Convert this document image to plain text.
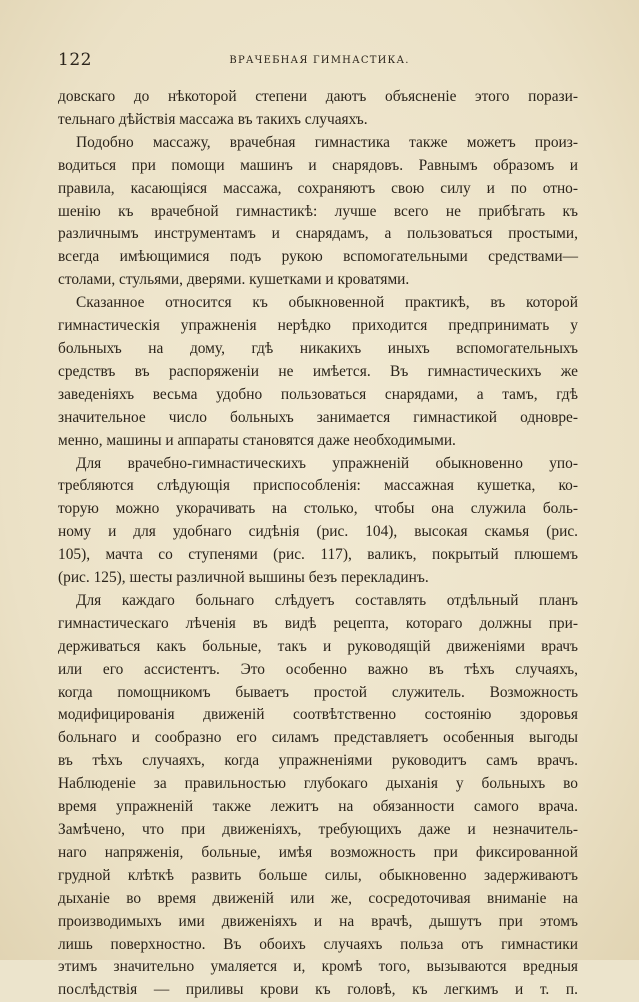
122	ВРАЧЕБНАЯ ГИМНАСТИКА.
довскаго до нѣкоторой степени даютъ объясненіе этого порази-
тельнаго дѣйствія массажа въ такихъ случаяхъ.
Подобно массажу, врачебная гимнастика также можетъ произ-
водиться при помощи машинъ и снарядовъ. Равнымъ образомъ и
правила, касающіяся массажа, сохраняютъ свою силу и по отно-
шенію къ врачебной гимнастикѣ: лучше всего не прибѣгать къ
различнымъ инструментамъ и снарядамъ, а пользоваться простыми,
всегда имѣющимися подъ рукою вспомогательными средствами—
столами, стульями, дверями. кушетками и кроватями.
Сказанное относится къ обыкновенной практикѣ, въ которой
гимнастическія упражненія нерѣдко приходится предпринимать у
больныхъ на дому, гдѣ никакихъ иныхъ вспомогательныхъ
средствъ въ распоряженіи не имѣется. Въ гимнастическихъ же
заведеніяхъ весьма удобно пользоваться снарядами, а тамъ, гдѣ
значительное число больныхъ занимается гимнастикой одновре-
менно, машины и аппараты становятся даже необходимыми.
Для врачебно-гимнастическихъ упражненій обыкновенно упо-
требляются слѣдующія приспособленія: массажная кушетка, ко-
торую можно укорачивать на столько, чтобы она служила боль-
ному и для удобнаго сидѣнія (рис. 104), высокая скамья (рис.
105), мачта со ступенями (рис. 117), валикъ, покрытый плюшемъ
(рис. 125), шесты различной вышины безъ перекладинъ.
Для каждаго больнаго слѣдуетъ составлять отдѣльный планъ
гимнастическаго лѣченія въ видѣ рецепта, котораго должны при-
держиваться какъ больные, такъ и руководящій движеніями врачъ
или его ассистентъ. Это особенно важно въ тѣхъ случаяхъ,
когда помощникомъ бываетъ простой служитель. Возможность
модифицированія движеній соотвѣтственно состоянію здоровья
больнаго и сообразно его силамъ представляетъ особенныя выгоды
въ тѣхъ случаяхъ, когда упражненіями руководитъ самъ врачъ.
Наблюденіе за правильностью глубокаго дыханія у больныхъ во
время упражненій также лежитъ на обязанности самого врача.
Замѣчено, что при движеніяхъ, требующихъ даже и незначитель-
наго напряженія, больные, имѣя возможность при фиксированной
грудной клѣткѣ развить больше силы, обыкновенно задерживаютъ
дыханіе во время движеній или же, сосредоточивая вниманіе на
производимыхъ ими движеніяхъ и на врачѣ, дышутъ при этомъ
лишь поверхностно. Въ обоихъ случаяхъ польза отъ гимнастики
этимъ значительно умаляется и, кромѣ того, вызываются вредныя
послѣдствія — приливы крови къ головѣ, къ легкимъ и т. п.
